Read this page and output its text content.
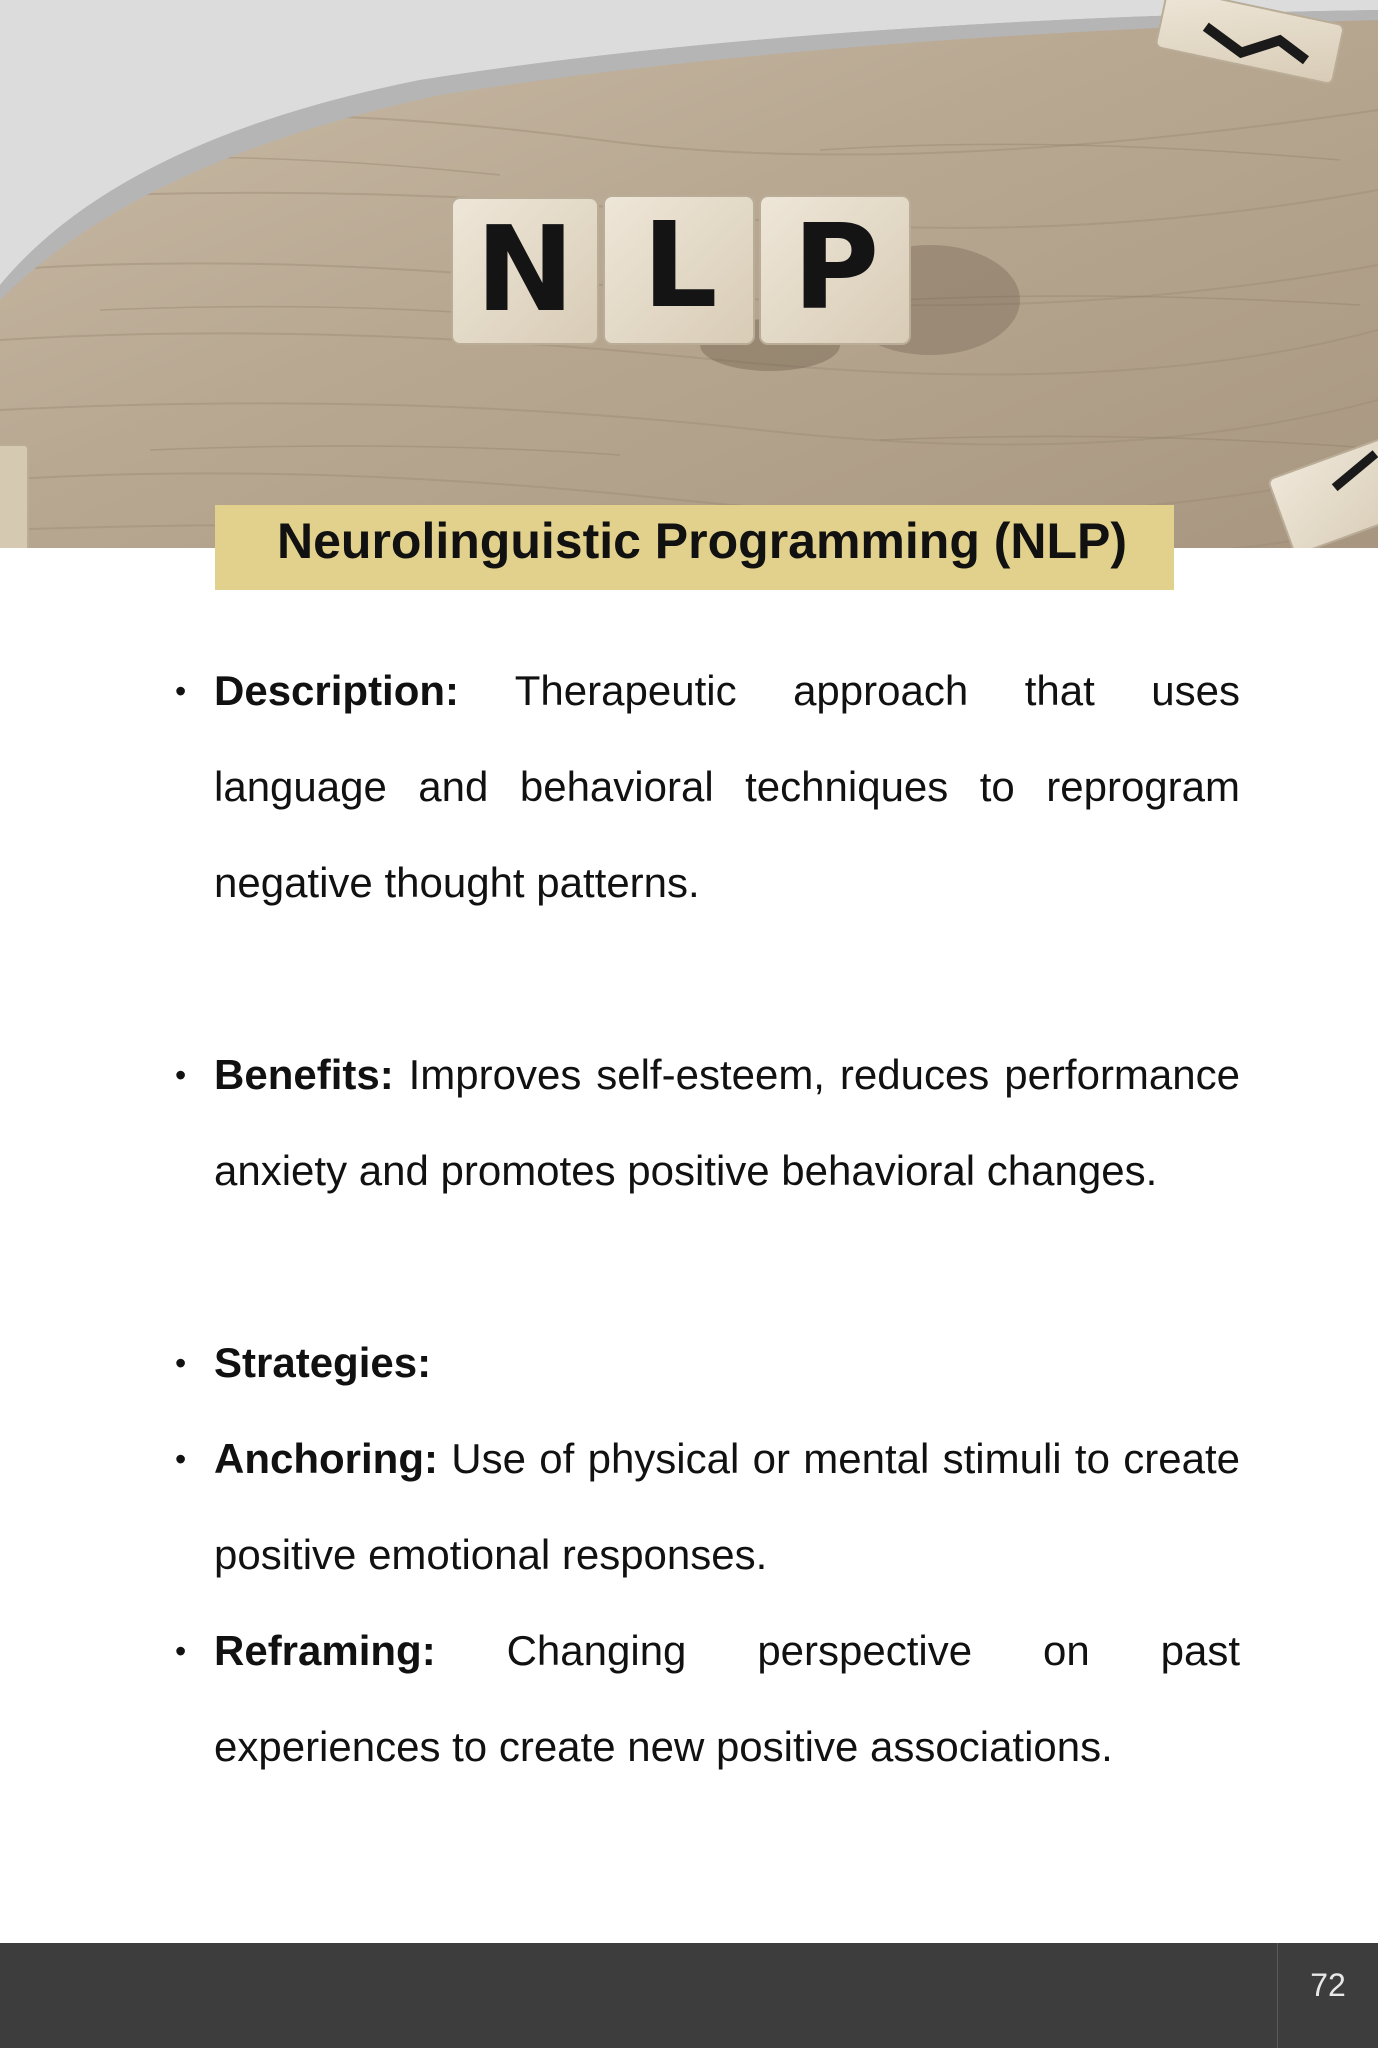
N L P
Neurolinguistic Programming (NLP)
• Description: Therapeutic approach that uses language and behavioral techniques to reprogram negative thought patterns.
• Benefits: Improves self-esteem, reduces performance anxiety and promotes positive behavioral changes.
• Strategies:
• Anchoring: Use of physical or mental stimuli to create positive emotional responses.
• Reframing: Changing perspective on past experiences to create new positive associations.
72
